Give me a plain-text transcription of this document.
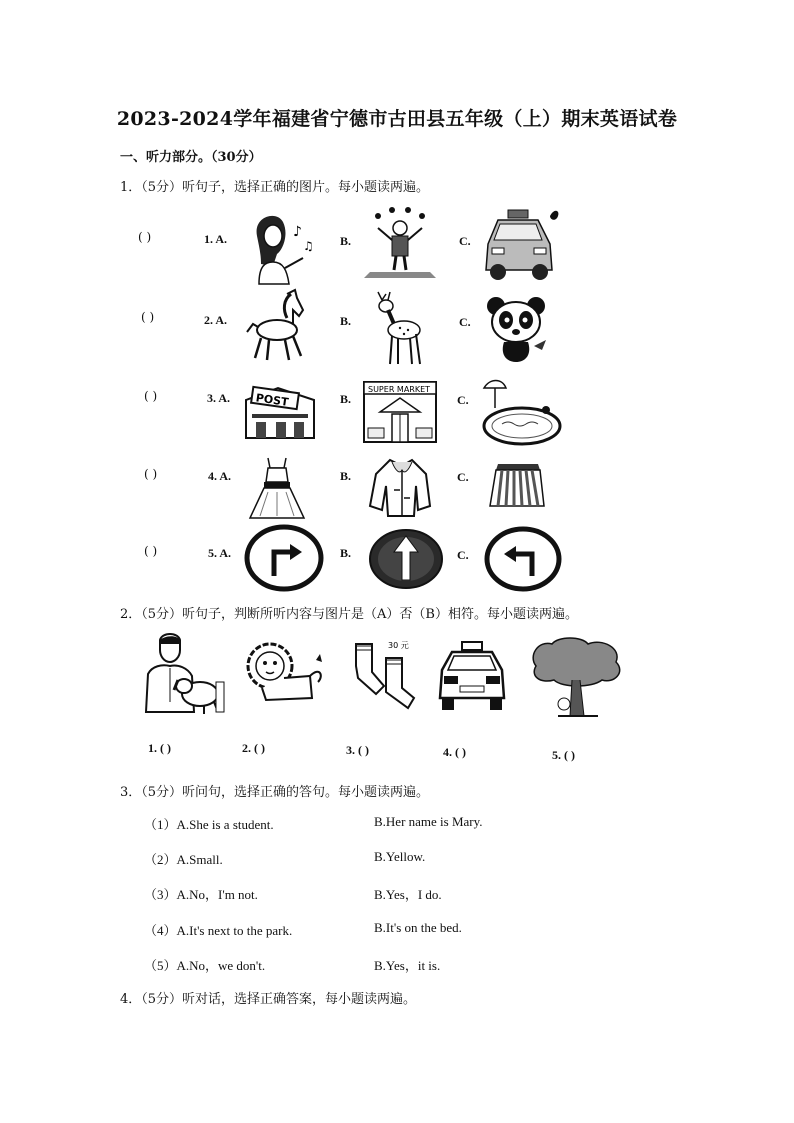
2023-2024学年福建省宁德市古田县五年级（上）期末英语试卷
一、听力部分。（30分）
1．（5分）听句子，选择正确的图片。每小题读两遍。
( )	1. A.	B.	C.
( )	2. A.	B.	C.
( )	3. A.	B.	C.
( )	4. A.	B.	C.
( )	5. A.	B.	C.
♪
♫
POST
SUPER MARKET
2．（5分）听句子，判断所听内容与图片是（A）否（B）相符。每小题读两遍。
30 元
1. ( )	2. ( )	3. ( )	4. ( )	5. ( )
3．（5分）听问句，选择正确的答句。每小题读两遍。
（1）A.She is a student.	B.Her name is Mary.
（2）A.Small.	B.Yellow.
（3）A.No，I'm not.	B.Yes，I do.
（4）A.It's next to the park.	B.It's on the bed.
（5）A.No，we don't.	B.Yes，it is.
4．（5分）听对话，选择正确答案，每小题读两遍。
